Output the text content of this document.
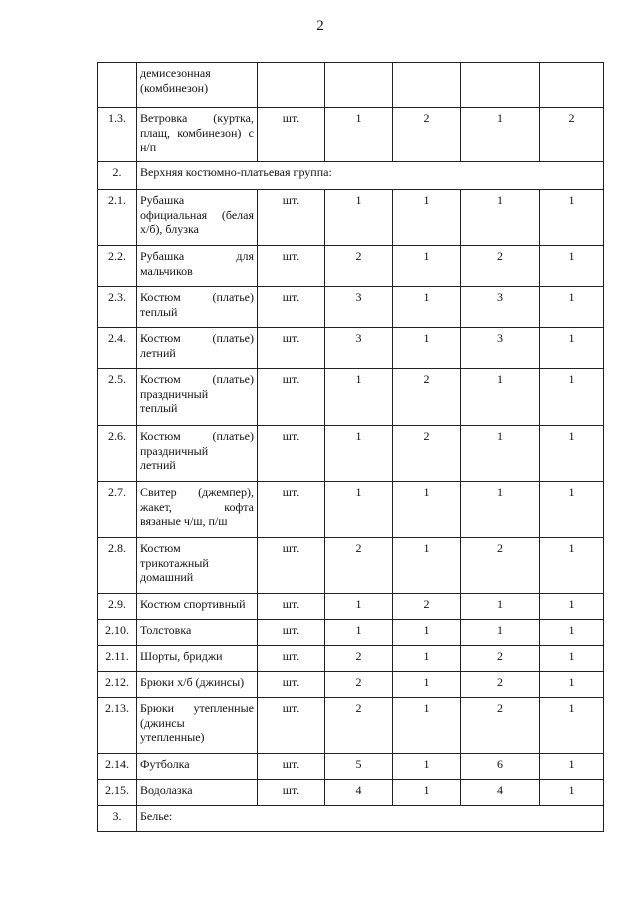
2

	демисезонная
(комбинезон)					

1.3.	Ветровка (куртка,
плащ, комбинезон) с
н/п	шт.	1	2	1	2
2.	Верхняя костюмно-платьевая группа:					
2.1.	Рубашка
официальная (белая
х/б), блузка	шт.	1	1	1	1
2.2.	Рубашка для
мальчиков	шт.	2	1	2	1
2.3.	Костюм (платье)
теплый	шт.	3	1	3	1
2.4.	Костюм (платье)
летний	шт.	3	1	3	1
2.5.	Костюм (платье)
праздничный
теплый	шт.	1	2	1	1
2.6.	Костюм (платье)
праздничный
летний	шт.	1	2	1	1
2.7.	Свитер (джемпер),
жакет, кофта
вязаные ч/ш, п/ш	шт.	1	1	1	1
2.8.	Костюм
трикотажный
домашний	шт.	2	1	2	1
2.9.	Костюм спортивный	шт.	1	2	1	1
2.10.	Толстовка	шт.	1	1	1	1
2.11.	Шорты, бриджи	шт.	2	1	2	1
2.12.	Брюки х/б (джинсы)	шт.	2	1	2	1
2.13.	Брюки утепленные
(джинсы
утепленные)	шт.	2	1	2	1
2.14.	Футболка	шт.	5	1	6	1
2.15.	Водолазка	шт.	4	1	4	1
3.	Белье:					
